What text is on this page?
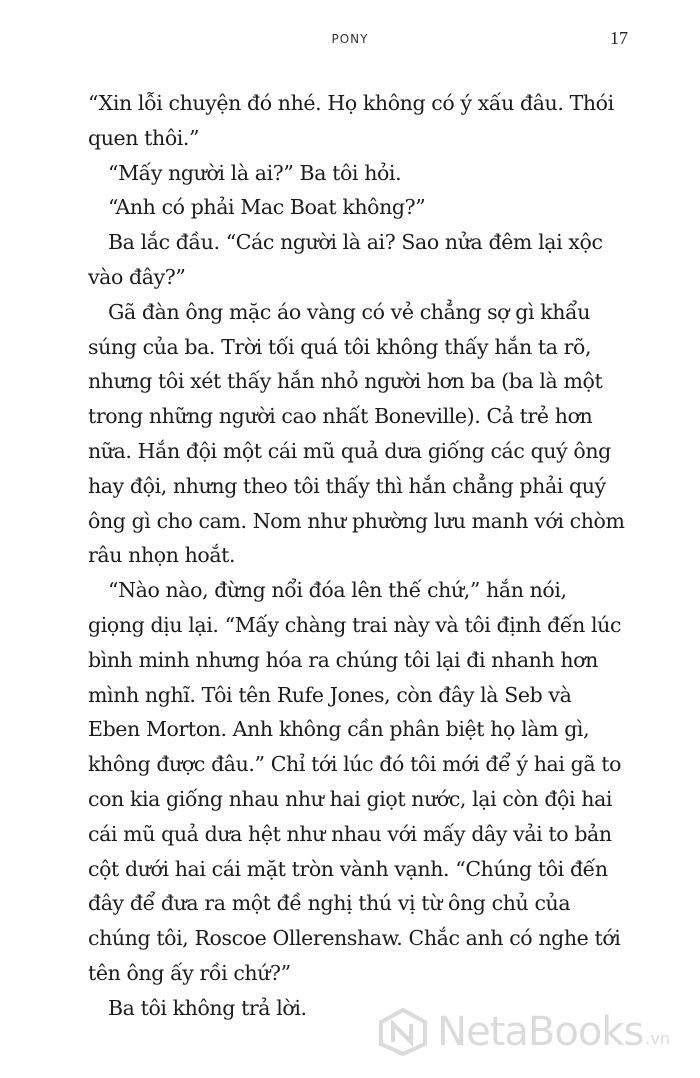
PONY	17

“Xin lỗi chuyện đó nhé. Họ không có ý xấu đâu. Thói quen thôi.”

“Mấy người là ai?” Ba tôi hỏi.

“Anh có phải Mac Boat không?”

Ba lắc đầu. “Các người là ai? Sao nửa đêm lại xộc vào đây?”

Gã đàn ông mặc áo vàng có vẻ chẳng sợ gì khẩu súng của ba. Trời tối quá tôi không thấy hắn ta rõ, nhưng tôi xét thấy hắn nhỏ người hơn ba (ba là một trong những người cao nhất Boneville). Cả trẻ hơn nữa. Hắn đội một cái mũ quả dưa giống các quý ông hay đội, nhưng theo tôi thấy thì hắn chẳng phải quý ông gì cho cam. Nom như phường lưu manh với chòm râu nhọn hoắt.

“Nào nào, đừng nổi đóa lên thế chứ,” hắn nói, giọng dịu lại. “Mấy chàng trai này và tôi định đến lúc bình minh nhưng hóa ra chúng tôi lại đi nhanh hơn mình nghĩ. Tôi tên Rufe Jones, còn đây là Seb và Eben Morton. Anh không cần phân biệt họ làm gì, không được đâu.” Chỉ tới lúc đó tôi mới để ý hai gã to con kia giống nhau như hai giọt nước, lại còn đội hai cái mũ quả dưa hệt như nhau với mấy dây vải to bản cột dưới hai cái mặt tròn vành vạnh. “Chúng tôi đến đây để đưa ra một đề nghị thú vị từ ông chủ của chúng tôi, Roscoe Ollerenshaw. Chắc anh có nghe tới tên ông ấy rồi chứ?”

Ba tôi không trả lời.

NetaBooks .vn
